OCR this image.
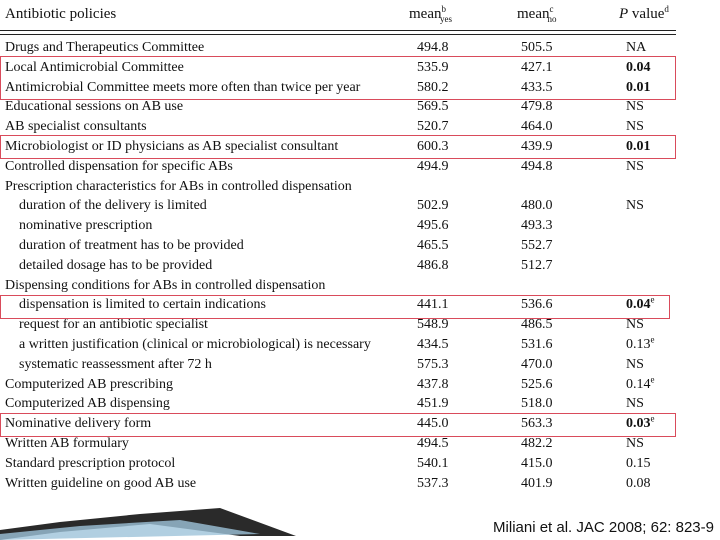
Antibiotic policies	mean$^b_{yes}$	mean$^c_{no}$	P value$^d$
Drugs and Therapeutics Committee	494.8	505.5	NA
Local Antimicrobial Committee	535.9	427.1	0.04
Antimicrobial Committee meets more often than twice per year	580.2	433.5	0.01
Educational sessions on AB use	569.5	479.8	NS
AB specialist consultants	520.7	464.0	NS
Microbiologist or ID physicians as AB specialist consultant	600.3	439.9	0.01
Controlled dispensation for specific ABs	494.9	494.8	NS
Prescription characteristics for ABs in controlled dispensation
duration of the delivery is limited	502.9	480.0	NS
nominative prescription	495.6	493.3
duration of treatment has to be provided	465.5	552.7
detailed dosage has to be provided	486.8	512.7
Dispensing conditions for ABs in controlled dispensation
dispensation is limited to certain indications	441.1	536.6	0.04e
request for an antibiotic specialist	548.9	486.5	NS
a written justification (clinical or microbiological) is necessary	434.5	531.6	0.13e
systematic reassessment after 72 h	575.3	470.0	NS
Computerized AB prescribing	437.8	525.6	0.14e
Computerized AB dispensing	451.9	518.0	NS
Nominative delivery form	445.0	563.3	0.03e
Written AB formulary	494.5	482.2	NS
Standard prescription protocol	540.1	415.0	0.15
Written guideline on good AB use	537.3	401.9	0.08
Miliani et al. JAC 2008; 62: 823-9
